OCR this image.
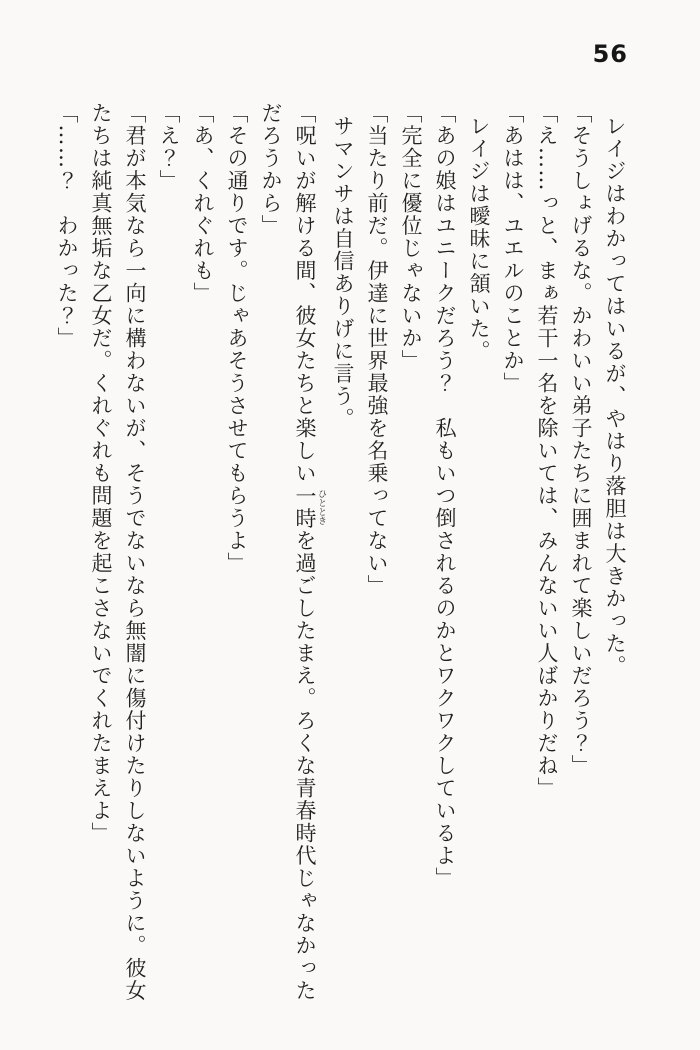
56

レイジはわかってはいるが、やはり落胆は大きかった。

「そうしょげるな。かわいい弟子たちに囲まれて楽しいだろう？」

「え……っと、まぁ若干一名を除いては、みんないい人ばかりだね」

「あはは、ユエルのことか」

レイジは曖昧に頷いた。

「あの娘はユニークだろう？　私もいつ倒されるのかとワクワクしているよ」

「完全に優位じゃないか」

「当たり前だ。伊達に世界最強を名乗ってない」

サマンサは自信ありげに言う。

「呪いが解ける間、彼女たちと楽しい一時 ひとときを過ごしたまえ。ろくな青春時代じゃなかった

だろうから」

「その通りです。じゃあそうさせてもらうよ」

「あ、くれぐれも」

「え？」

「君が本気なら一向に構わないが、そうでないなら無闇に傷付けたりしないように。彼女

たちは純真無垢な乙女だ。くれぐれも問題を起こさないでくれたまえよ」

「……？　わかった？」
